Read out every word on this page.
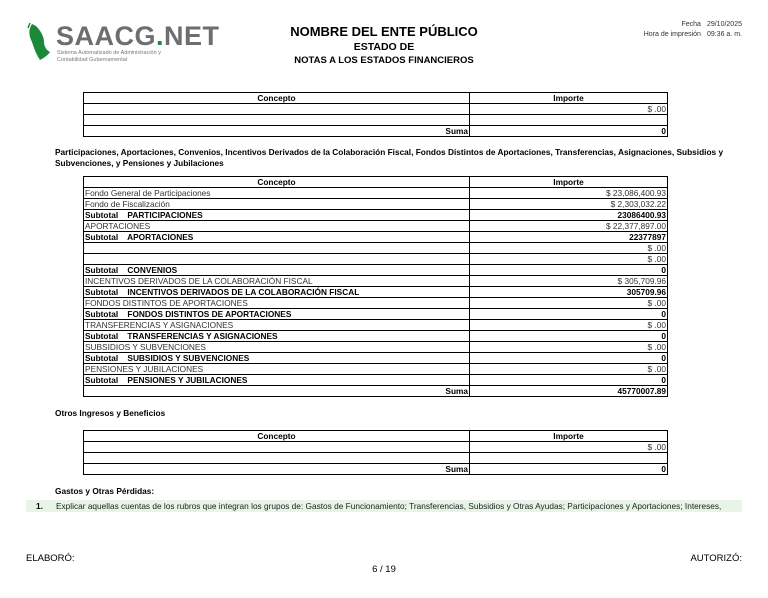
SAACG.NET
Sistema Automatizado de Administración y
Contabilidad Gubernamental
NOMBRE DEL ENTE PÚBLICO
ESTADO DE
NOTAS A LOS ESTADOS FINANCIEROS
Fecha	29/10/2025
Hora de impresión	09:36 a. m.
Concepto	Importe
	$ .00

Suma	0
Participaciones, Aportaciones, Convenios, Incentivos Derivados de la Colaboración Fiscal, Fondos Distintos de Aportaciones, Transferencias, Asignaciones, Subsidios y Subvenciones, y Pensiones y Jubilaciones
Concepto	Importe
Fondo General de Participaciones	$ 23,086,400.93
Fondo de Fiscalización	$ 2,303,032.22
Subtotal    PARTICIPACIONES	23086400.93
APORTACIONES	$ 22,377,897.00
Subtotal    APORTACIONES	22377897
	$ .00
	$ .00
Subtotal    CONVENIOS	0
INCENTIVOS DERIVADOS DE LA COLABORACIÓN FISCAL	$ 305,709.96
Subtotal    INCENTIVOS DERIVADOS DE LA COLABORACIÓN FISCAL	305709.96
FONDOS DISTINTOS DE APORTACIONES	$ .00
Subtotal    FONDOS DISTINTOS DE APORTACIONES	0
TRANSFERENCIAS Y ASIGNACIONES	$ .00
Subtotal    TRANSFERENCIAS Y ASIGNACIONES	0
SUBSIDIOS Y SUBVENCIONES	$ .00
Subtotal    SUBSIDIOS Y SUBVENCIONES	0
PENSIONES Y JUBILACIONES	$ .00
Subtotal    PENSIONES Y JUBILACIONES	0
Suma	45770007.89
Otros Ingresos y Beneficios
Concepto	Importe
	$ .00

Suma	0
Gastos y Otras Pérdidas:
1. Explicar aquellas cuentas de los rubros que integran los grupos de: Gastos de Funcionamiento; Transferencias, Subsidios y Otras Ayudas; Participaciones y Aportaciones; Intereses,
ELABORÓ:	AUTORIZÓ:
6 / 19
